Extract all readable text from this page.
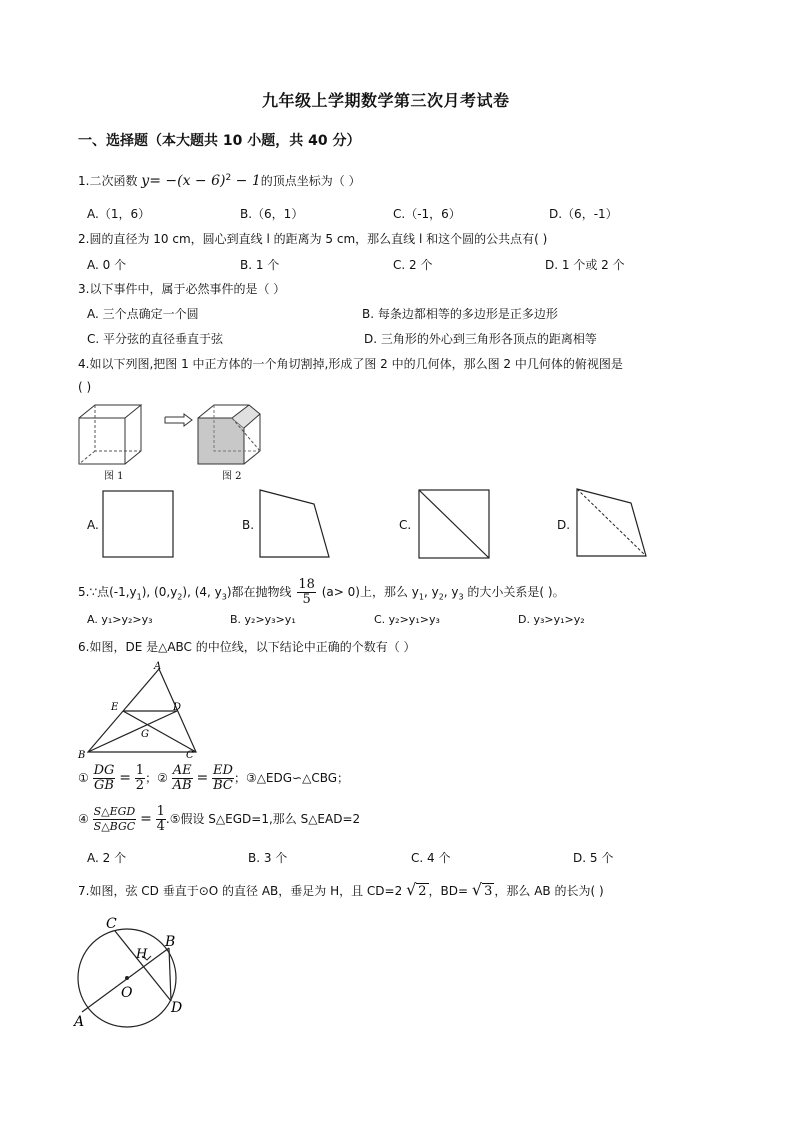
九年级上学期数学第三次月考试卷
一、选择题（本大题共 10 小题，共 40 分）
1.二次函数 $y= -(x - 6)^2 - 1$的顶点坐标为（ ）
A.（1，6）	B.（6，1）	C.（-1，6）	D.（6，-1）
2.圆的直径为 10 cm，圆心到直线 l 的距离为 5 cm，那么直线 l 和这个圆的公共点有( )
A. 0 个	B. 1 个	C. 2 个	D. 1 个或 2 个
3.以下事件中，属于必然事件的是（ ）
A. 三个点确定一个圆	B. 每条边都相等的多边形是正多边形
C. 平分弦的直径垂直于弦	D. 三角形的外心到三角形各顶点的距离相等
4.如以下列图,把图 1 中正方体的一个角切割掉,形成了图 2 中的几何体，那么图 2 中几何体的俯视图是
( )
图 1	图 2
A.	B.	C.	D.
5.∵点$(-1,y_1)$, $(0,y_2)$, (4, $y_3$)都在抛物线 $\frac{18}{5} (a> 0)$上，那么 $y_1$, $y_2$, $y_3$ 的大小关系是( )。
A. y₁>y₂>y₃	B. y₂>y₃>y₁	C. y₂>y₁>y₃	D. y₃>y₁>y₂
6.如图，DE 是△ABC 的中位线，以下结论中正确的个数有（ ）
A
E	D
G
B	C
① $\frac{DG}{GB} = \frac{1}{2}$ ；② $\frac{AE}{AB} = \frac{ED}{BC}$ ；③△EDG∽△CBG；
④ $\frac{\text{S△EGD}}{\text{S△BGC}} = \frac{1}{4}$ .⑤假设 S△EGD=1,那么 S△EAD=2
A. 2 个	B. 3 个	C. 4 个	D. 5 个
7.如图，弦 CD 垂直于⊙O 的直径 AB，垂足为 H，且 CD=2 √ 2 ，BD= √ 3 ，那么 AB 的长为( )
C
B
H
O
A
D
